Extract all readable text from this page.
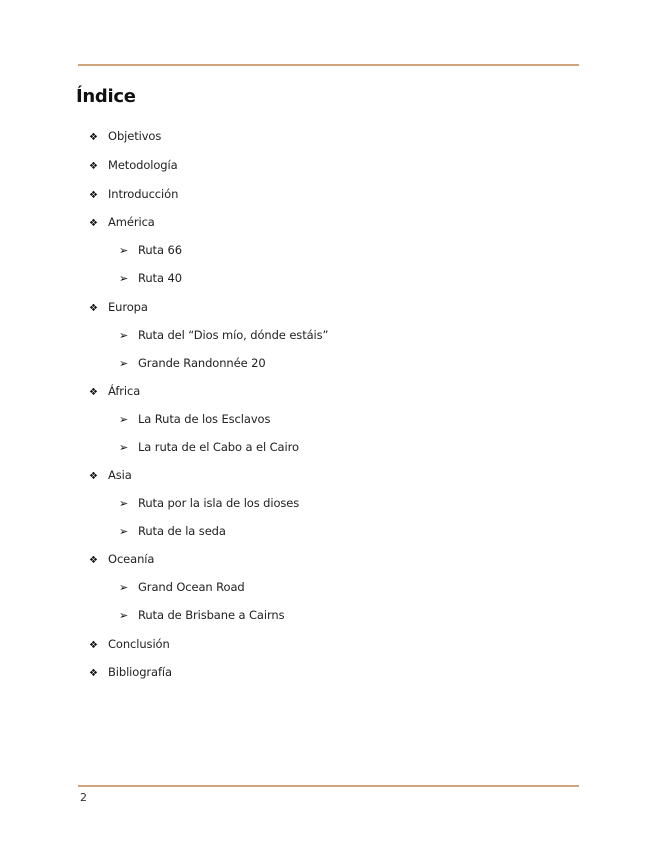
Índice
❖ Objetivos
❖ Metodología
❖ Introducción
❖ América
➢ Ruta 66
➢ Ruta 40
❖ Europa
➢ Ruta del “Dios mío, dónde estáis”
➢ Grande Randonnée 20
❖ África
➢ La Ruta de los Esclavos
➢ La ruta de el Cabo a el Cairo
❖ Asia
➢ Ruta por la isla de los dioses
➢ Ruta de la seda
❖ Oceanía
➢ Grand Ocean Road
➢ Ruta de Brisbane a Cairns
❖ Conclusión
❖ Bibliografía
2
